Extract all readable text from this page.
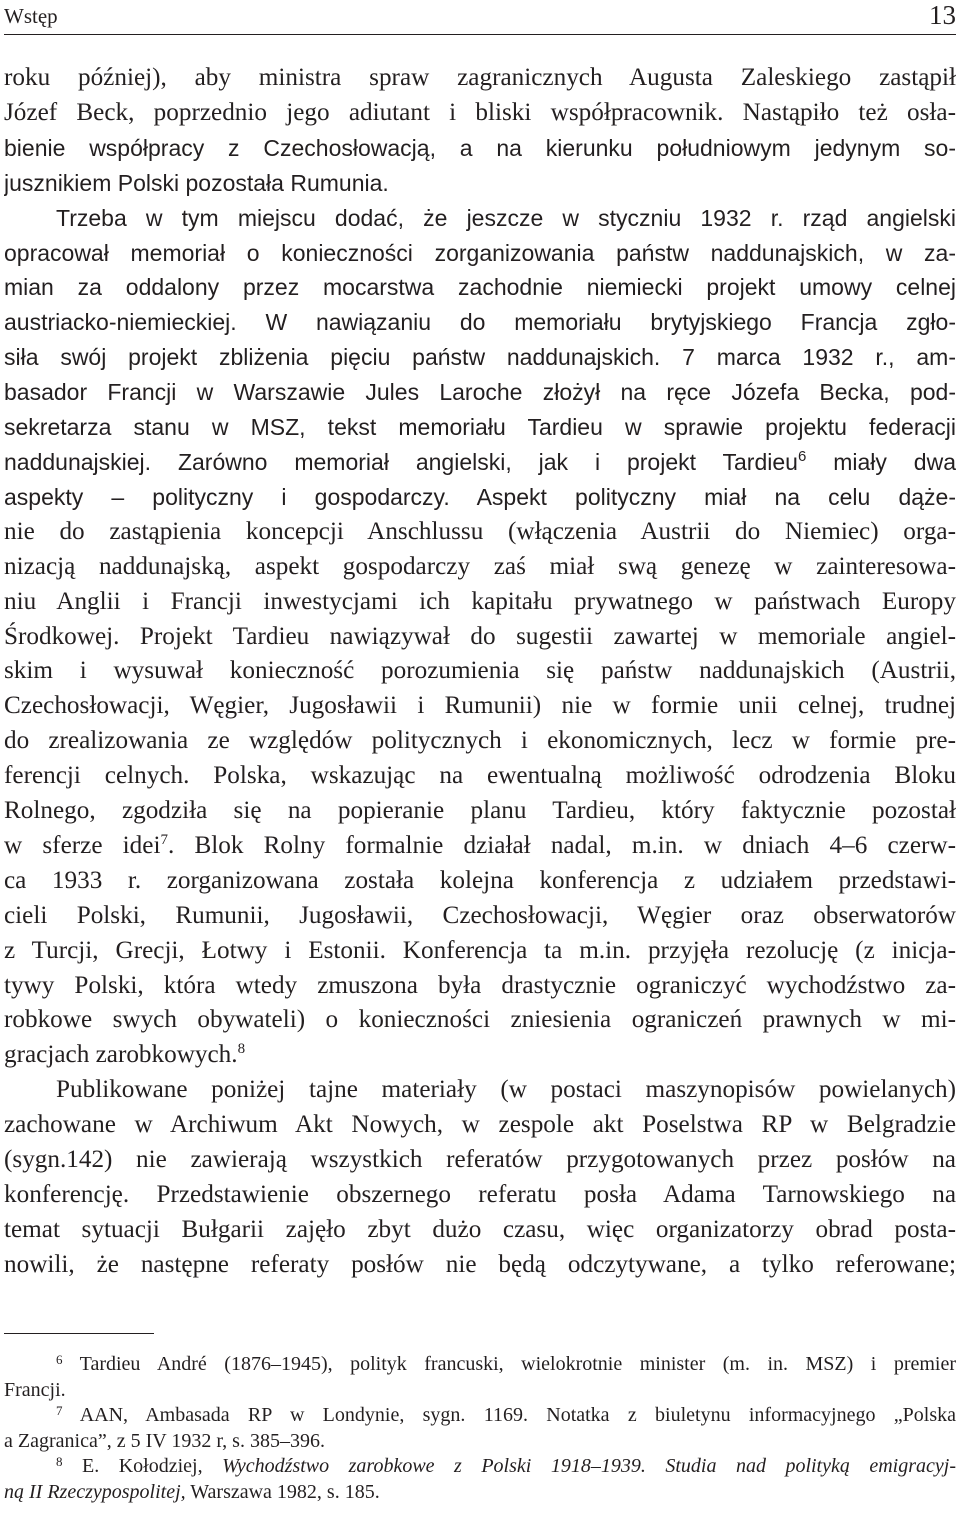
Wstęp	13
roku później), aby ministra spraw zagranicznych Augusta Zaleskiego zastąpił
Józef Beck, poprzednio jego adiutant i bliski współpracownik. Nastąpiło też osła-
bienie współpracy z Czechosłowacją, a na kierunku południowym jedynym so-
jusznikiem Polski pozostała Rumunia.
Trzeba w tym miejscu dodać, że jeszcze w styczniu 1932 r. rząd angielski
opracował memoriał o konieczności zorganizowania państw naddunajskich, w za-
mian za oddalony przez mocarstwa zachodnie niemiecki projekt umowy celnej
austriacko-niemieckiej. W nawiązaniu do memoriału brytyjskiego Francja zgło-
siła swój projekt zbliżenia pięciu państw naddunajskich. 7 marca 1932 r., am-
basador Francji w Warszawie Jules Laroche złożył na ręce Józefa Becka, pod-
sekretarza stanu w MSZ, tekst memoriału Tardieu w sprawie projektu federacji
naddunajskiej. Zarówno memoriał angielski, jak i projekt Tardieu$^6$ miały dwa
aspekty – polityczny i gospodarczy. Aspekt polityczny miał na celu dąże-
nie do zastąpienia koncepcji Anschlussu (włączenia Austrii do Niemiec) orga-
nizacją naddunajską, aspekt gospodarczy zaś miał swą genezę w zainteresowa-
niu Anglii i Francji inwestycjami ich kapitału prywatnego w państwach Europy
Środkowej. Projekt Tardieu nawiązywał do sugestii zawartej w memoriale angiel-
skim i wysuwał konieczność porozumienia się państw naddunajskich (Austrii,
Czechosłowacji, Węgier, Jugosławii i Rumunii) nie w formie unii celnej, trudnej
do zrealizowania ze względów politycznych i ekonomicznych, lecz w formie pre-
ferencji celnych. Polska, wskazując na ewentualną możliwość odrodzenia Bloku
Rolnego, zgodziła się na popieranie planu Tardieu, który faktycznie pozostał
w sferze idei$^7$. Blok Rolny formalnie działał nadal, m.in. w dniach 4–6 czerw-
ca 1933 r. zorganizowana została kolejna konferencja z udziałem przedstawi-
cieli Polski, Rumunii, Jugosławii, Czechosłowacji, Węgier oraz obserwatorów
z Turcji, Grecji, Łotwy i Estonii. Konferencja ta m.in. przyjęła rezolucję (z inicja-
tywy Polski, która wtedy zmuszona była drastycznie ograniczyć wychodźstwo za-
robkowe swych obywateli) o konieczności zniesienia ograniczeń prawnych w mi-
gracjach zarobkowych.$^8$
Publikowane poniżej tajne materiały (w postaci maszynopisów powielanych)
zachowane w Archiwum Akt Nowych, w zespole akt Poselstwa RP w Belgradzie
(sygn.142) nie zawierają wszystkich referatów przygotowanych przez posłów na
konferencję. Przedstawienie obszernego referatu posła Adama Tarnowskiego na
temat sytuacji Bułgarii zajęło zbyt dużo czasu, więc organizatorzy obrad posta-
nowili, że następne referaty posłów nie będą odczytywane, a tylko referowane;
$^6$ Tardieu André (1876–1945), polityk francuski, wielokrotnie minister (m. in. MSZ) i premier
Francji.
$^7$ AAN, Ambasada RP w Londynie, sygn. 1169. Notatka z biuletynu informacyjnego „Polska
a Zagranica”, z 5 IV 1932 r, s. 385–396.
$^8$ E. Kołodziej, Wychodźstwo zarobkowe z Polski 1918–1939. Studia nad polityką emigracyj-
ną II Rzeczypospolitej, Warszawa 1982, s. 185.
